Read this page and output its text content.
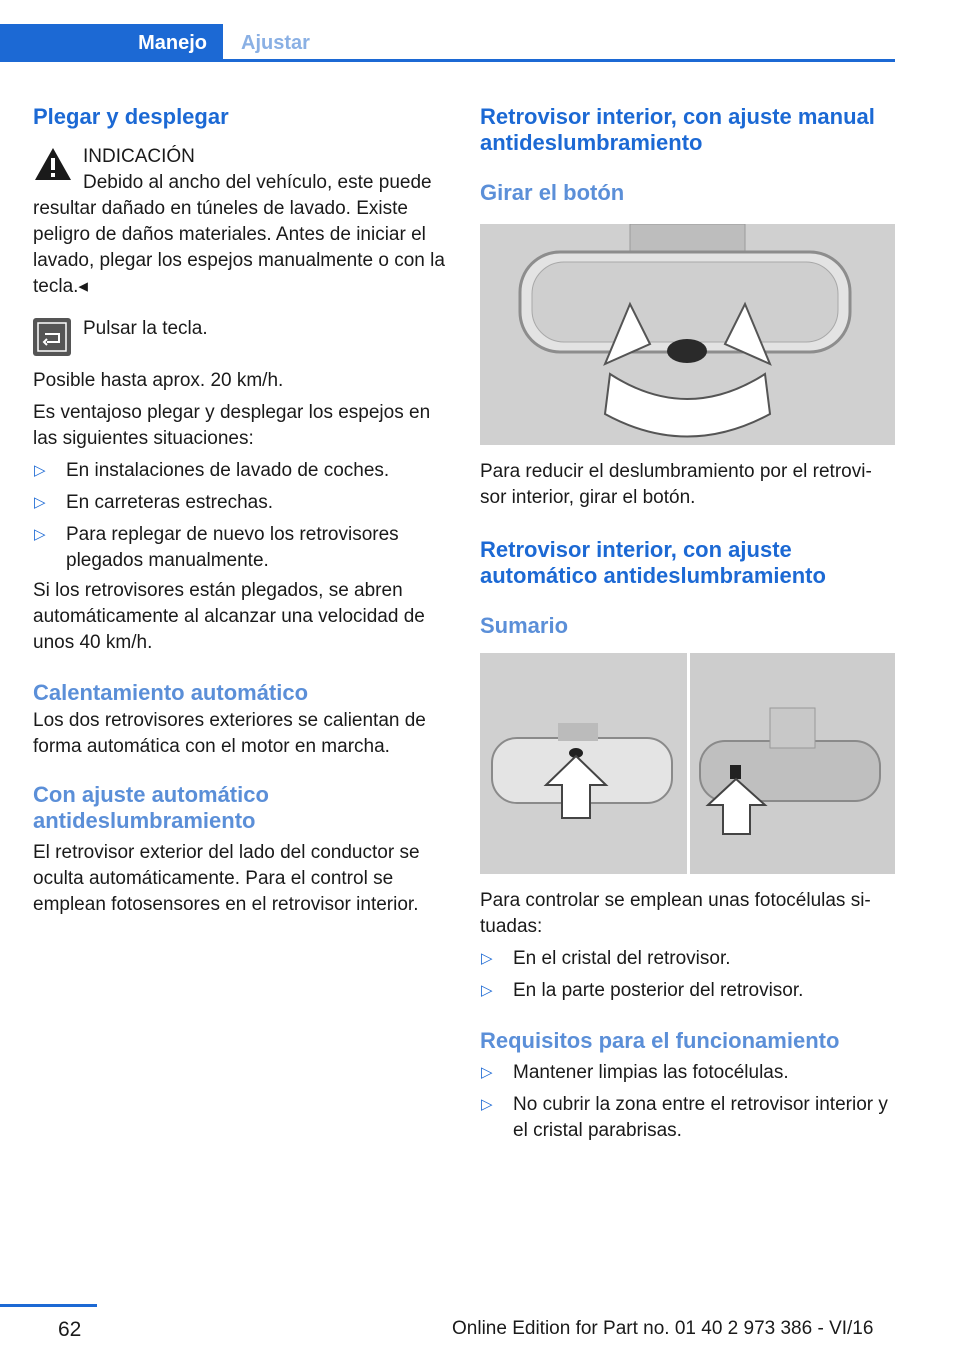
Manejo	Ajustar
Plegar y desplegar

INDICACIÓN

Debido al ancho del vehículo, este puede resultar dañado en túneles de lavado. Existe peligro de daños materiales. Antes de iniciar el lavado, plegar los espejos manualmente o con la tecla.◂

Pulsar la tecla.

Posible hasta aprox. 20 km/h.

Es ventajoso plegar y desplegar los espejos en las siguientes situaciones:

▷ En instalaciones de lavado de coches.
▷ En carreteras estrechas.
▷ Para replegar de nuevo los retrovisores plegados manualmente.

Si los retrovisores están plegados, se abren automáticamente al alcanzar una velocidad de unos 40 km/h.

Calentamiento automático

Los dos retrovisores exteriores se calientan de forma automática con el motor en marcha.

Con ajuste automático antideslumbramiento

El retrovisor exterior del lado del conductor se oculta automáticamente. Para el control se emplean fotosensores en el retrovisor interior.

Retrovisor interior, con ajuste manual antideslumbramiento
Girar el botón

Para reducir el deslumbramiento por el retrovi‐ sor interior, girar el botón.

Retrovisor interior, con ajuste automático antideslumbramiento
Sumario

Para controlar se emplean unas fotocélulas si‐ tuadas:

▷ En el cristal del retrovisor.
▷ En la parte posterior del retrovisor.
Requisitos para el funcionamiento
▷ Mantener limpias las fotocélulas.
▷ No cubrir la zona entre el retrovisor interior y el cristal parabrisas.
62	Online Edition for Part no. 01 40 2 973 386 - VI/16
